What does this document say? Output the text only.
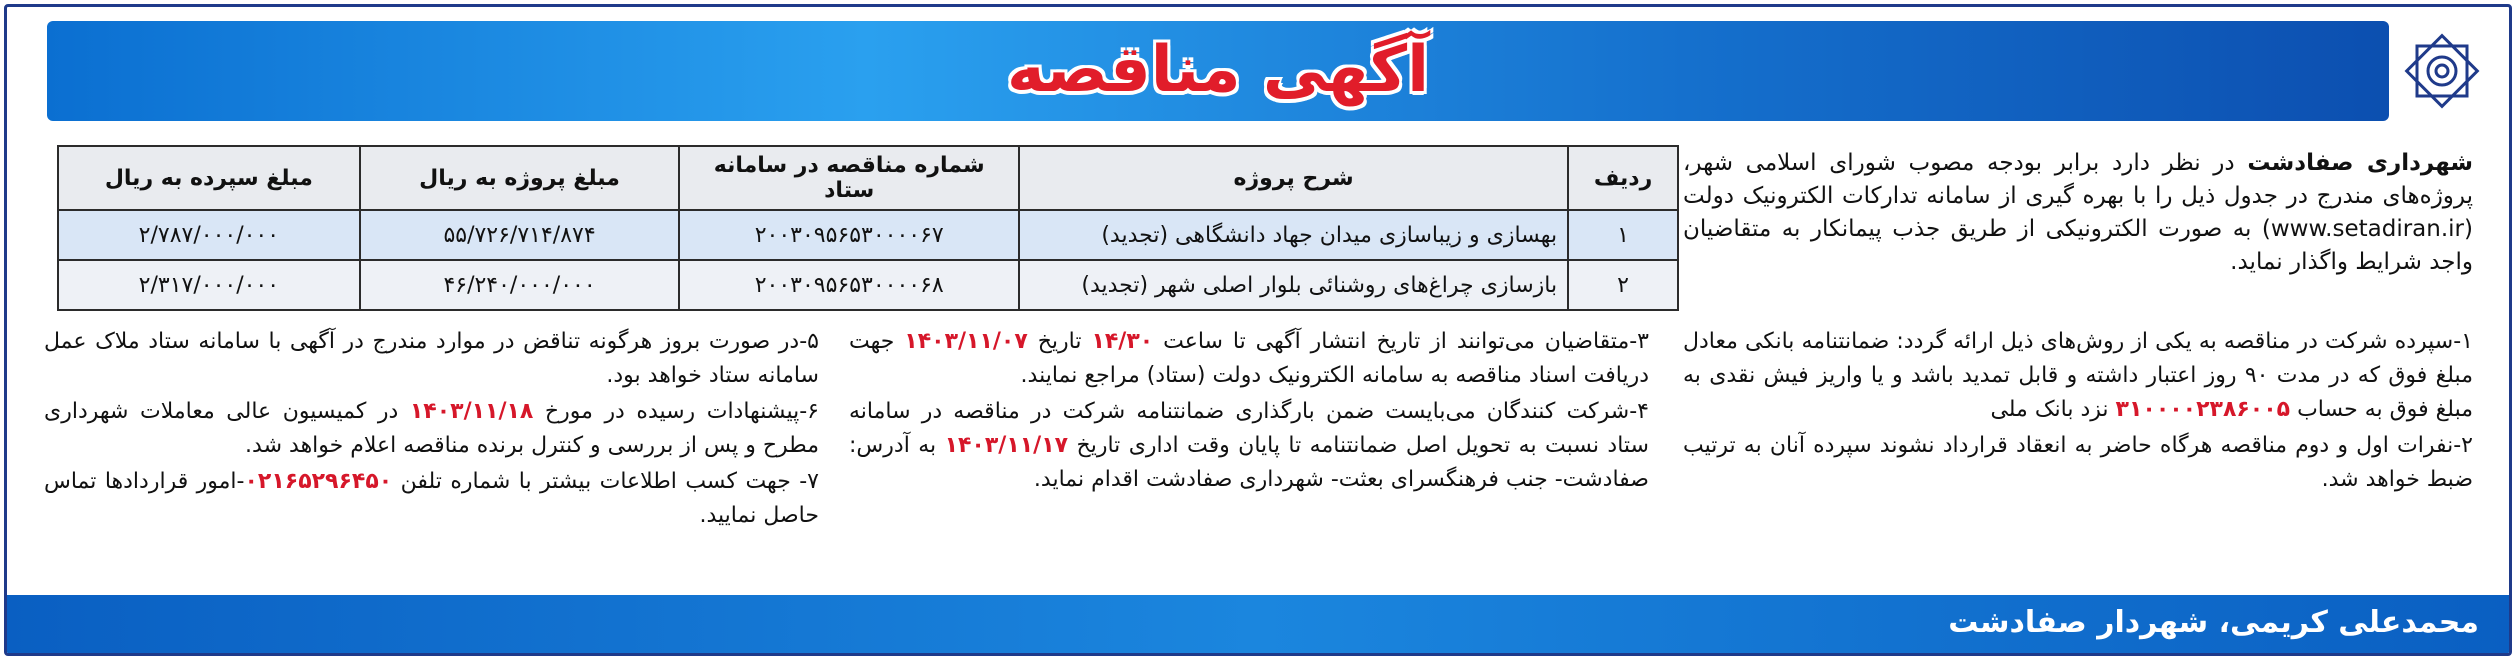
آگهی مناقصه
شهرداری صفادشت در نظر دارد برابر بودجه مصوب شورای اسلامی شهر، پروژه‌های مندرج در جدول ذیل را با بهره گیری از سامانه تدارکات الکترونیک دولت (www.setadiran.ir) به صورت الکترونیکی از طریق جذب پیمانکار به متقاضیان واجد شرایط واگذار نماید.
ردیف	شرح پروژه	شماره مناقصه در سامانه ستاد	مبلغ پروژه به ریال	مبلغ سپرده به ریال
۱	بهسازی و زیباسازی میدان جهاد دانشگاهی (تجدید)	۲۰۰۳۰۹۵۶۵۳۰۰۰۰۶۷	۵۵/۷۲۶/۷۱۴/۸۷۴	۲/۷۸۷/۰۰۰/۰۰۰
۲	بازسازی چراغ‌های روشنائی بلوار اصلی شهر (تجدید)	۲۰۰۳۰۹۵۶۵۳۰۰۰۰۶۸	۴۶/۲۴۰/۰۰۰/۰۰۰	۲/۳۱۷/۰۰۰/۰۰۰

۱-سپرده شرکت در مناقصه به یکی از روش‌های ذیل ارائه گردد: ضمانتنامه بانکی معادل مبلغ فوق که در مدت ۹۰ روز اعتبار داشته و قابل تمدید باشد و یا واریز فیش نقدی به مبلغ فوق به حساب ۳۱۰۰۰۰۲۳۸۶۰۰۵ نزد بانک ملی

۲-نفرات اول و دوم مناقصه هرگاه حاضر به انعقاد قرارداد نشوند سپرده آنان به ترتیب ضبط خواهد شد.

۳-متقاضیان می‌توانند از تاریخ انتشار آگهی تا ساعت ۱۴/۳۰ تاریخ ۱۴۰۳/۱۱/۰۷ جهت دریافت اسناد مناقصه به سامانه الکترونیک دولت (ستاد) مراجع نمایند.

۴-شرکت کنندگان می‌بایست ضمن بارگذاری ضمانتنامه شرکت در مناقصه در سامانه ستاد نسبت به تحویل اصل ضمانتنامه تا پایان وقت اداری تاریخ ۱۴۰۳/۱۱/۱۷ به آدرس: صفادشت- جنب فرهنگسرای بعثت- شهرداری صفادشت اقدام نماید.

۵-در صورت بروز هرگونه تناقض در موارد مندرج در آگهی با سامانه ستاد ملاک عمل سامانه ستاد خواهد بود.

۶-پیشنهادات رسیده در مورخ ۱۴۰۳/۱۱/۱۸ در کمیسیون عالی معاملات شهرداری مطرح و پس از بررسی و کنترل برنده مناقصه اعلام خواهد شد.

۷- جهت کسب اطلاعات بیشتر با شماره تلفن ۰۲۱۶۵۲۹۶۴۵۰-امور قراردادها تماس حاصل نمایید.

محمدعلی کریمی، شهردار صفادشت
